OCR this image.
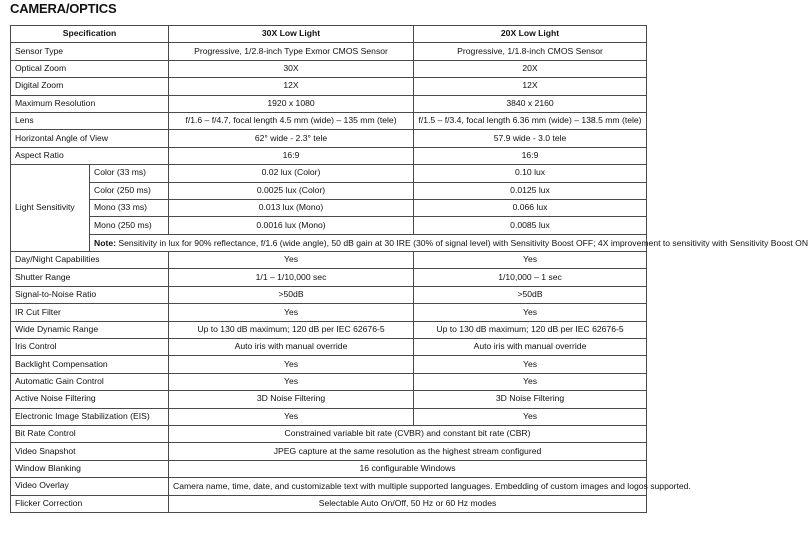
CAMERA/OPTICS
Specification		30X Low Light	20X Low Light
Sensor Type		Progressive, 1/2.8-inch Type Exmor CMOS Sensor	Progressive, 1/1.8-inch CMOS Sensor
Optical Zoom		30X	20X
Digital Zoom		12X	12X
Maximum Resolution		1920 x 1080	3840 x 2160
Lens		f/1.6 – f/4.7, focal length 4.5 mm (wide) – 135 mm (tele)	f/1.5 – f/3.4, focal length 6.36 mm (wide) – 138.5 mm (tele)
Horizontal Angle of View		62° wide - 2.3° tele	57.9 wide - 3.0 tele
Aspect Ratio		16:9	16:9
Light Sensitivity	Color (33 ms)	0.02 lux (Color)	0.10 lux
	Color (250 ms)	0.0025 lux (Color)	0.0125 lux
	Mono (33 ms)	0.013 lux (Mono)	0.066 lux
	Mono (250 ms)	0.0016 lux (Mono)	0.0085 lux
	Note: Sensitivity in lux for 90% reflectance, f/1.6 (wide angle), 50 dB gain at 30 IRE (30% of signal level) with Sensitivity Boost OFF; 4X improvement to sensitivity with Sensitivity Boost ON		
Day/Night Capabilities		Yes	Yes
Shutter Range		1/1 – 1/10,000 sec	1/10,000 – 1 sec
Signal-to-Noise Ratio		>50dB	>50dB
IR Cut Filter		Yes	Yes
Wide Dynamic Range		Up to 130 dB maximum; 120 dB per IEC 62676-5	Up to 130 dB maximum; 120 dB per IEC 62676-5
Iris Control		Auto iris with manual override	Auto iris with manual override
Backlight Compensation		Yes	Yes
Automatic Gain Control		Yes	Yes
Active Noise Filtering		3D Noise Filtering	3D Noise Filtering
Electronic Image Stabilization (EIS)		Yes	Yes
Bit Rate Control		Constrained variable bit rate (CVBR) and constant bit rate (CBR)	
Video Snapshot		JPEG capture at the same resolution as the highest stream configured	
Window Blanking		16 configurable Windows	
Video Overlay		Camera name, time, date, and customizable text with multiple supported languages. Embedding of custom images and logos supported.	
Flicker Correction		Selectable Auto On/Off, 50 Hz or 60 Hz modes	
